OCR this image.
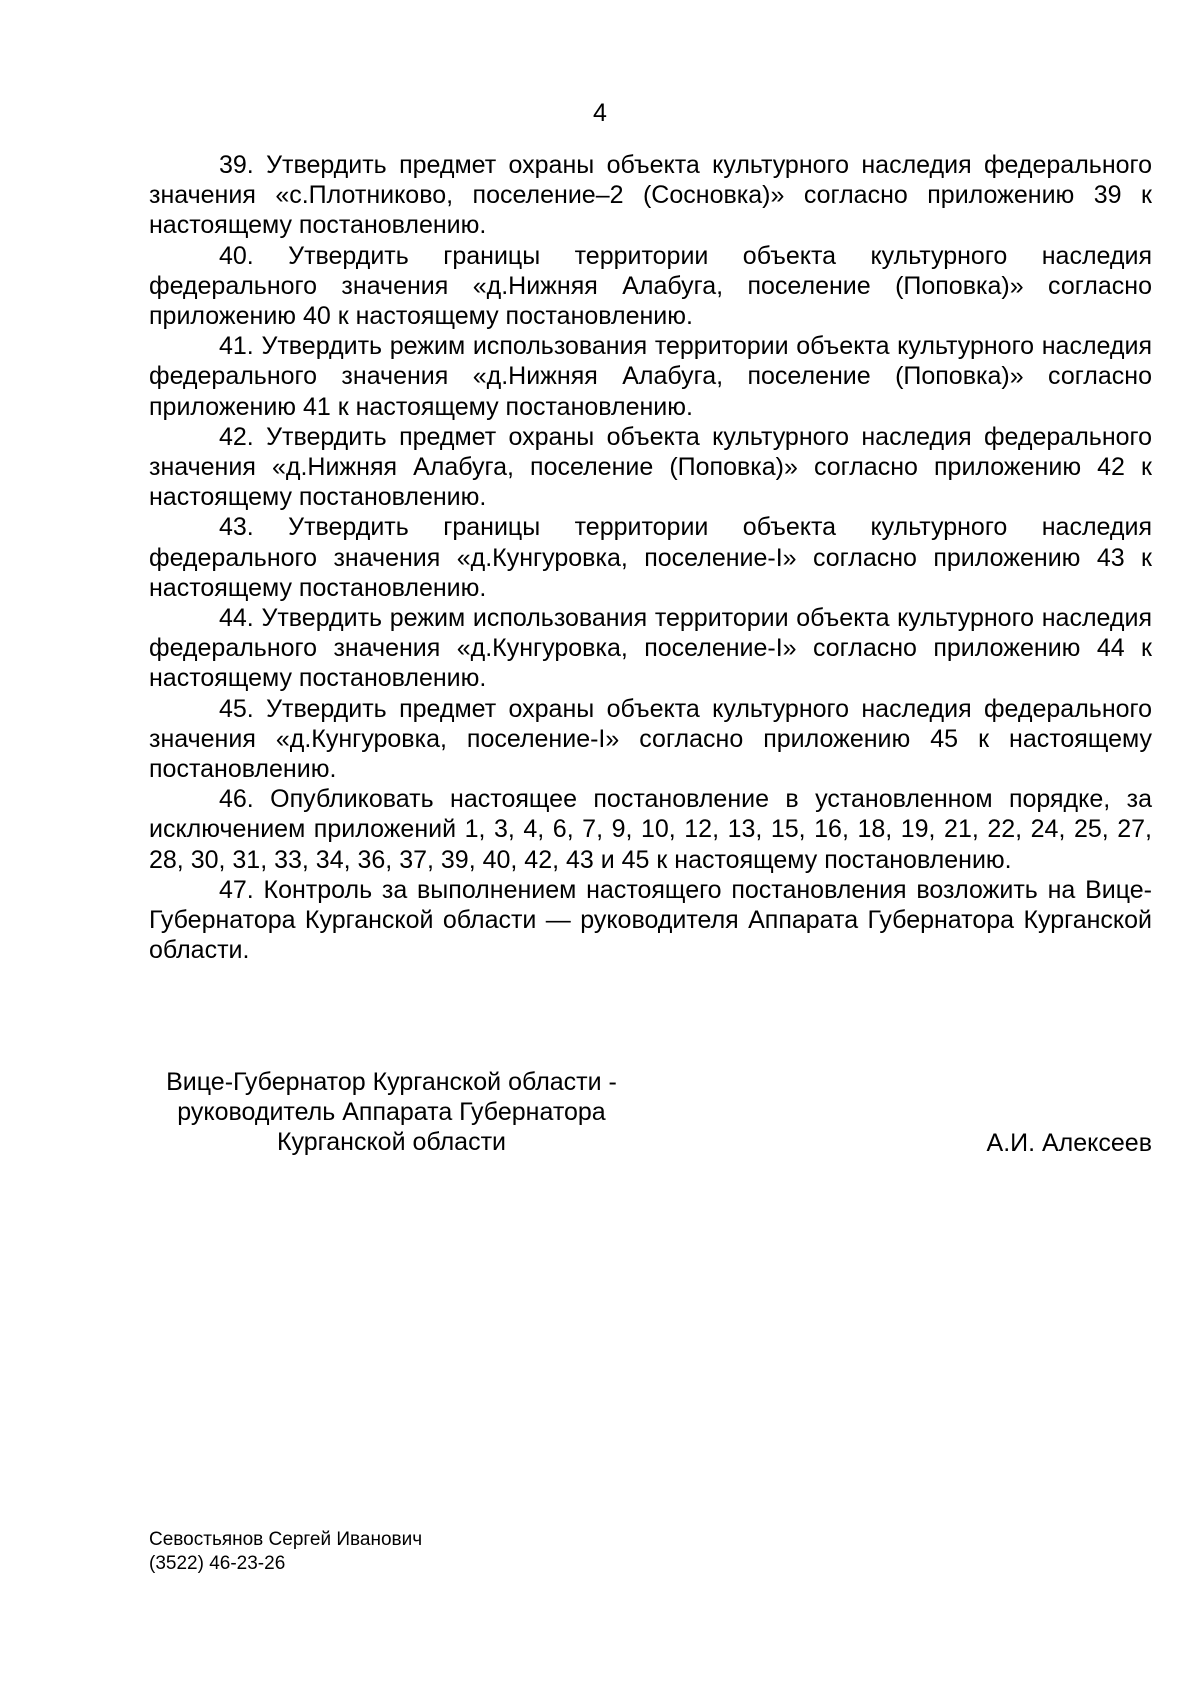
4

39. Утвердить предмет охраны объекта культурного наследия федерального значения «с.Плотниково, поселение–2 (Сосновка)» согласно приложению 39 к настоящему постановлению.

40. Утвердить границы территории объекта культурного наследия федерального значения «д.Нижняя Алабуга, поселение (Поповка)» согласно приложению 40 к настоящему постановлению.

41. Утвердить режим использования территории объекта культурного наследия федерального значения «д.Нижняя Алабуга, поселение (Поповка)» согласно приложению 41 к настоящему постановлению.

42. Утвердить предмет охраны объекта культурного наследия федерального значения «д.Нижняя Алабуга, поселение (Поповка)» согласно приложению 42 к настоящему постановлению.

43. Утвердить границы территории объекта культурного наследия федерального значения «д.Кунгуровка, поселение-I» согласно приложению 43 к настоящему постановлению.

44. Утвердить режим использования территории объекта культурного наследия федерального значения «д.Кунгуровка, поселение-I» согласно приложению 44 к настоящему постановлению.

45. Утвердить предмет охраны объекта культурного наследия федерального значения «д.Кунгуровка, поселение-I» согласно приложению 45 к настоящему постановлению.

46. Опубликовать настоящее постановление в установленном порядке, за исключением приложений 1, 3, 4, 6, 7, 9, 10, 12, 13, 15, 16, 18, 19, 21, 22, 24, 25, 27, 28, 30, 31, 33, 34, 36, 37, 39, 40, 42, 43 и 45 к настоящему постановлению.

47. Контроль за выполнением настоящего постановления возложить на Вице-Губернатора Курганской области — руководителя Аппарата Губернатора Курганской области.

Вице-Губернатор Курганской области -
руководитель Аппарата Губернатора
Курганской области	А.И. Алексеев
Севостьянов Сергей Иванович
(3522) 46-23-26
